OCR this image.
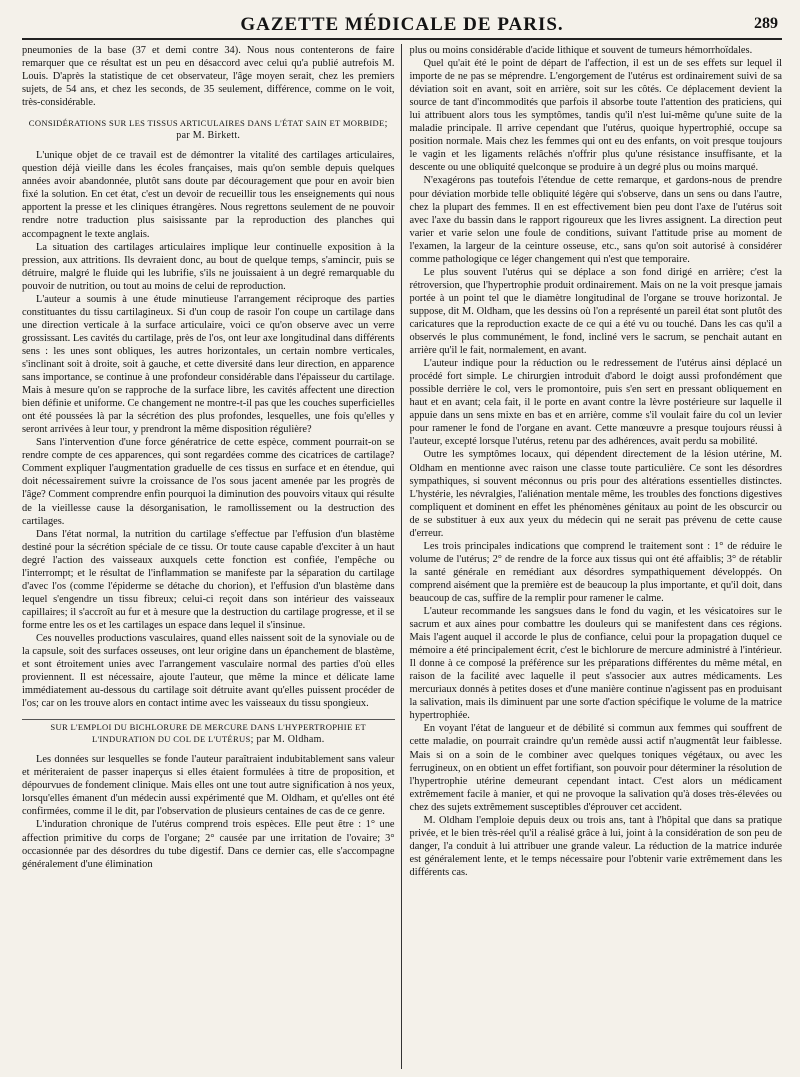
GAZETTE MÉDICALE DE PARIS.	289

pneumonies de la base (37 et demi contre 34). Nous nous contenterons de faire remarquer que ce résultat est un peu en désaccord avec celui qu'a publié autrefois M. Louis. D'après la statistique de cet observateur, l'âge moyen serait, chez les premiers sujets, de 54 ans, et chez les seconds, de 35 seulement, différence, comme on le voit, très-considérable.

CONSIDÉRATIONS SUR LES TISSUS ARTICULAIRES DANS L'ÉTAT SAIN ET MORBIDE; par M. Birkett.

L'unique objet de ce travail est de démontrer la vitalité des cartilages articulaires, question déjà vieille dans les écoles françaises, mais qu'on semble depuis quelques années avoir abandonnée, plutôt sans doute par découragement que pour en avoir bien fixé la solution. En cet état, c'est un devoir de recueillir tous les enseignements qui nous apportent la presse et les cliniques étrangères. Nous regrettons seulement de ne pouvoir rendre notre traduction plus saisissante par la reproduction des planches qui accompagnent le texte anglais.

La situation des cartilages articulaires implique leur continuelle exposition à la pression, aux attritions. Ils devraient donc, au bout de quelque temps, s'amincir, puis se détruire, malgré le fluide qui les lubrifie, s'ils ne jouissaient à un degré remarquable du pouvoir de nutrition, ou tout au moins de celui de reproduction.

L'auteur a soumis à une étude minutieuse l'arrangement réciproque des parties constituantes du tissu cartilagineux. Si d'un coup de rasoir l'on coupe un cartilage dans une direction verticale à la surface articulaire, voici ce qu'on observe avec un verre grossissant. Les cavités du cartilage, près de l'os, ont leur axe longitudinal dans différents sens : les unes sont obliques, les autres horizontales, un certain nombre verticales, s'inclinant soit à droite, soit à gauche, et cette diversité dans leur direction, en apparence sans importance, se continue à une profondeur considérable dans l'épaisseur du cartilage. Mais à mesure qu'on se rapproche de la surface libre, les cavités affectent une direction bien définie et uniforme. Ce changement ne montre-t-il pas que les couches superficielles ont été poussées là par la sécrétion des plus profondes, lesquelles, une fois qu'elles y seront arrivées à leur tour, y prendront la même disposition régulière?

Sans l'intervention d'une force génératrice de cette espèce, comment pourrait-on se rendre compte de ces apparences, qui sont regardées comme des cicatrices de cartilage? Comment expliquer l'augmentation graduelle de ces tissus en surface et en étendue, qui doit nécessairement suivre la croissance de l'os sous jacent amenée par les progrès de l'âge? Comment comprendre enfin pourquoi la diminution des pouvoirs vitaux qui résulte de la vieillesse cause la désorganisation, le ramollissement ou la destruction des cartilages.

Dans l'état normal, la nutrition du cartilage s'effectue par l'effusion d'un blastème destiné pour la sécrétion spéciale de ce tissu. Or toute cause capable d'exciter à un haut degré l'action des vaisseaux auxquels cette fonction est confiée, l'empêche ou l'interrompt; et le résultat de l'inflammation se manifeste par la séparation du cartilage d'avec l'os (comme l'épiderme se détache du chorion), et l'effusion d'un blastème dans lequel s'engendre un tissu fibreux; celui-ci reçoit dans son intérieur des vaisseaux capillaires; il s'accroît au fur et à mesure que la destruction du cartilage progresse, et il se forme entre les os et les cartilages un espace dans lequel il s'insinue.

Ces nouvelles productions vasculaires, quand elles naissent soit de la synoviale ou de la capsule, soit des surfaces osseuses, ont leur origine dans un épanchement de blastème, et sont étroitement unies avec l'arrangement vasculaire normal des parties d'où elles proviennent. Il est nécessaire, ajoute l'auteur, que même la mince et délicate lame immédiatement au-dessous du cartilage soit détruite avant qu'elles puissent procéder de l'os; car on les trouve alors en contact intime avec les vaisseaux du tissu spongieux.

SUR L'EMPLOI DU BICHLORURE DE MERCURE DANS L'HYPERTROPHIE ET L'INDURATION DU COL DE L'UTÉRUS; par M. Oldham.

Les données sur lesquelles se fonde l'auteur paraîtraient indubitablement sans valeur et mériteraient de passer inaperçus si elles étaient formulées à titre de proposition, et dépourvues de fondement clinique. Mais elles ont une tout autre signification à nos yeux, lorsqu'elles émanent d'un médecin aussi expérimenté que M. Oldham, et qu'elles ont été confirmées, comme il le dit, par l'observation de plusieurs centaines de cas de ce genre.

L'induration chronique de l'utérus comprend trois espèces. Elle peut être : 1° une affection primitive du corps de l'organe; 2° causée par une irritation de l'ovaire; 3° occasionnée par des désordres du tube digestif. Dans ce dernier cas, elle s'accompagne généralement d'une élimination

plus ou moins considérable d'acide lithique et souvent de tumeurs hémorrhoïdales.

Quel qu'ait été le point de départ de l'affection, il est un de ses effets sur lequel il importe de ne pas se méprendre. L'engorgement de l'utérus est ordinairement suivi de sa déviation soit en avant, soit en arrière, soit sur les côtés. Ce déplacement devient la source de tant d'incommodités que parfois il absorbe toute l'attention des praticiens, qui lui attribuent alors tous les symptômes, tandis qu'il n'est lui-même qu'une suite de la maladie principale. Il arrive cependant que l'utérus, quoique hypertrophié, occupe sa position normale. Mais chez les femmes qui ont eu des enfants, on voit presque toujours le vagin et les ligaments relâchés n'offrir plus qu'une résistance insuffisante, et la descente ou une obliquité quelconque se produire à un degré plus ou moins marqué.

N'exagérons pas toutefois l'étendue de cette remarque, et gardons-nous de prendre pour déviation morbide telle obliquité légère qui s'observe, dans un sens ou dans l'autre, chez la plupart des femmes. Il en est effectivement bien peu dont l'axe de l'utérus soit avec l'axe du bassin dans le rapport rigoureux que les livres assignent. La direction peut varier et varie selon une foule de conditions, suivant l'attitude prise au moment de l'examen, la largeur de la ceinture osseuse, etc., sans qu'on soit autorisé à considérer comme pathologique ce léger changement qui n'est que temporaire.

Le plus souvent l'utérus qui se déplace a son fond dirigé en arrière; c'est la rétroversion, que l'hypertrophie produit ordinairement. Mais on ne la voit presque jamais portée à un point tel que le diamètre longitudinal de l'organe se trouve horizontal. Je suppose, dit M. Oldham, que les dessins où l'on a représenté un pareil état sont plutôt des caricatures que la reproduction exacte de ce qui a été vu ou touché. Dans les cas qu'il a observés le plus communément, le fond, incliné vers le sacrum, se penchait autant en arrière qu'il le fait, normalement, en avant.

L'auteur indique pour la réduction ou le redressement de l'utérus ainsi déplacé un procédé fort simple. Le chirurgien introduit d'abord le doigt aussi profondément que possible derrière le col, vers le promontoire, puis s'en sert en pressant obliquement en haut et en avant; cela fait, il le porte en avant contre la lèvre postérieure sur laquelle il appuie dans un sens mixte en bas et en arrière, comme s'il voulait faire du col un levier pour ramener le fond de l'organe en avant. Cette manœuvre a presque toujours réussi à l'auteur, excepté lorsque l'utérus, retenu par des adhérences, avait perdu sa mobilité.

Outre les symptômes locaux, qui dépendent directement de la lésion utérine, M. Oldham en mentionne avec raison une classe toute particulière. Ce sont les désordres sympathiques, si souvent méconnus ou pris pour des altérations essentielles distinctes. L'hystérie, les névralgies, l'aliénation mentale même, les troubles des fonctions digestives compliquent et dominent en effet les phénomènes génitaux au point de les obscurcir ou de se substituer à eux aux yeux du médecin qui ne serait pas prévenu de cette cause d'erreur.

Les trois principales indications que comprend le traitement sont : 1° de réduire le volume de l'utérus; 2° de rendre de la force aux tissus qui ont été affaiblis; 3° de rétablir la santé générale en remédiant aux désordres sympathiquement développés. On comprend aisément que la première est de beaucoup la plus importante, et qu'il doit, dans beaucoup de cas, suffire de la remplir pour ramener le calme.

L'auteur recommande les sangsues dans le fond du vagin, et les vésicatoires sur le sacrum et aux aines pour combattre les douleurs qui se manifestent dans ces régions. Mais l'agent auquel il accorde le plus de confiance, celui pour la propagation duquel ce mémoire a été principalement écrit, c'est le bichlorure de mercure administré à l'intérieur. Il donne à ce composé la préférence sur les préparations différentes du même métal, en raison de la facilité avec laquelle il peut s'associer aux autres médicaments. Les mercuriaux donnés à petites doses et d'une manière continue n'agissent pas en produisant la salivation, mais ils diminuent par une sorte d'action spécifique le volume de la matrice hypertrophiée.

En voyant l'état de langueur et de débilité si commun aux femmes qui souffrent de cette maladie, on pourrait craindre qu'un remède aussi actif n'augmentât leur faiblesse. Mais si on a soin de le combiner avec quelques toniques végétaux, ou avec les ferrugineux, on en obtient un effet fortifiant, son pouvoir pour déterminer la résolution de l'hypertrophie utérine demeurant cependant intact. C'est alors un médicament extrêmement facile à manier, et qui ne provoque la salivation qu'à doses très-élevées ou chez des sujets extrêmement susceptibles d'éprouver cet accident.

M. Oldham l'emploie depuis deux ou trois ans, tant à l'hôpital que dans sa pratique privée, et le bien très-réel qu'il a réalisé grâce à lui, joint à la considération de son peu de danger, l'a conduit à lui attribuer une grande valeur. La réduction de la matrice indurée est généralement lente, et le temps nécessaire pour l'obtenir varie extrêmement dans les différents cas.
